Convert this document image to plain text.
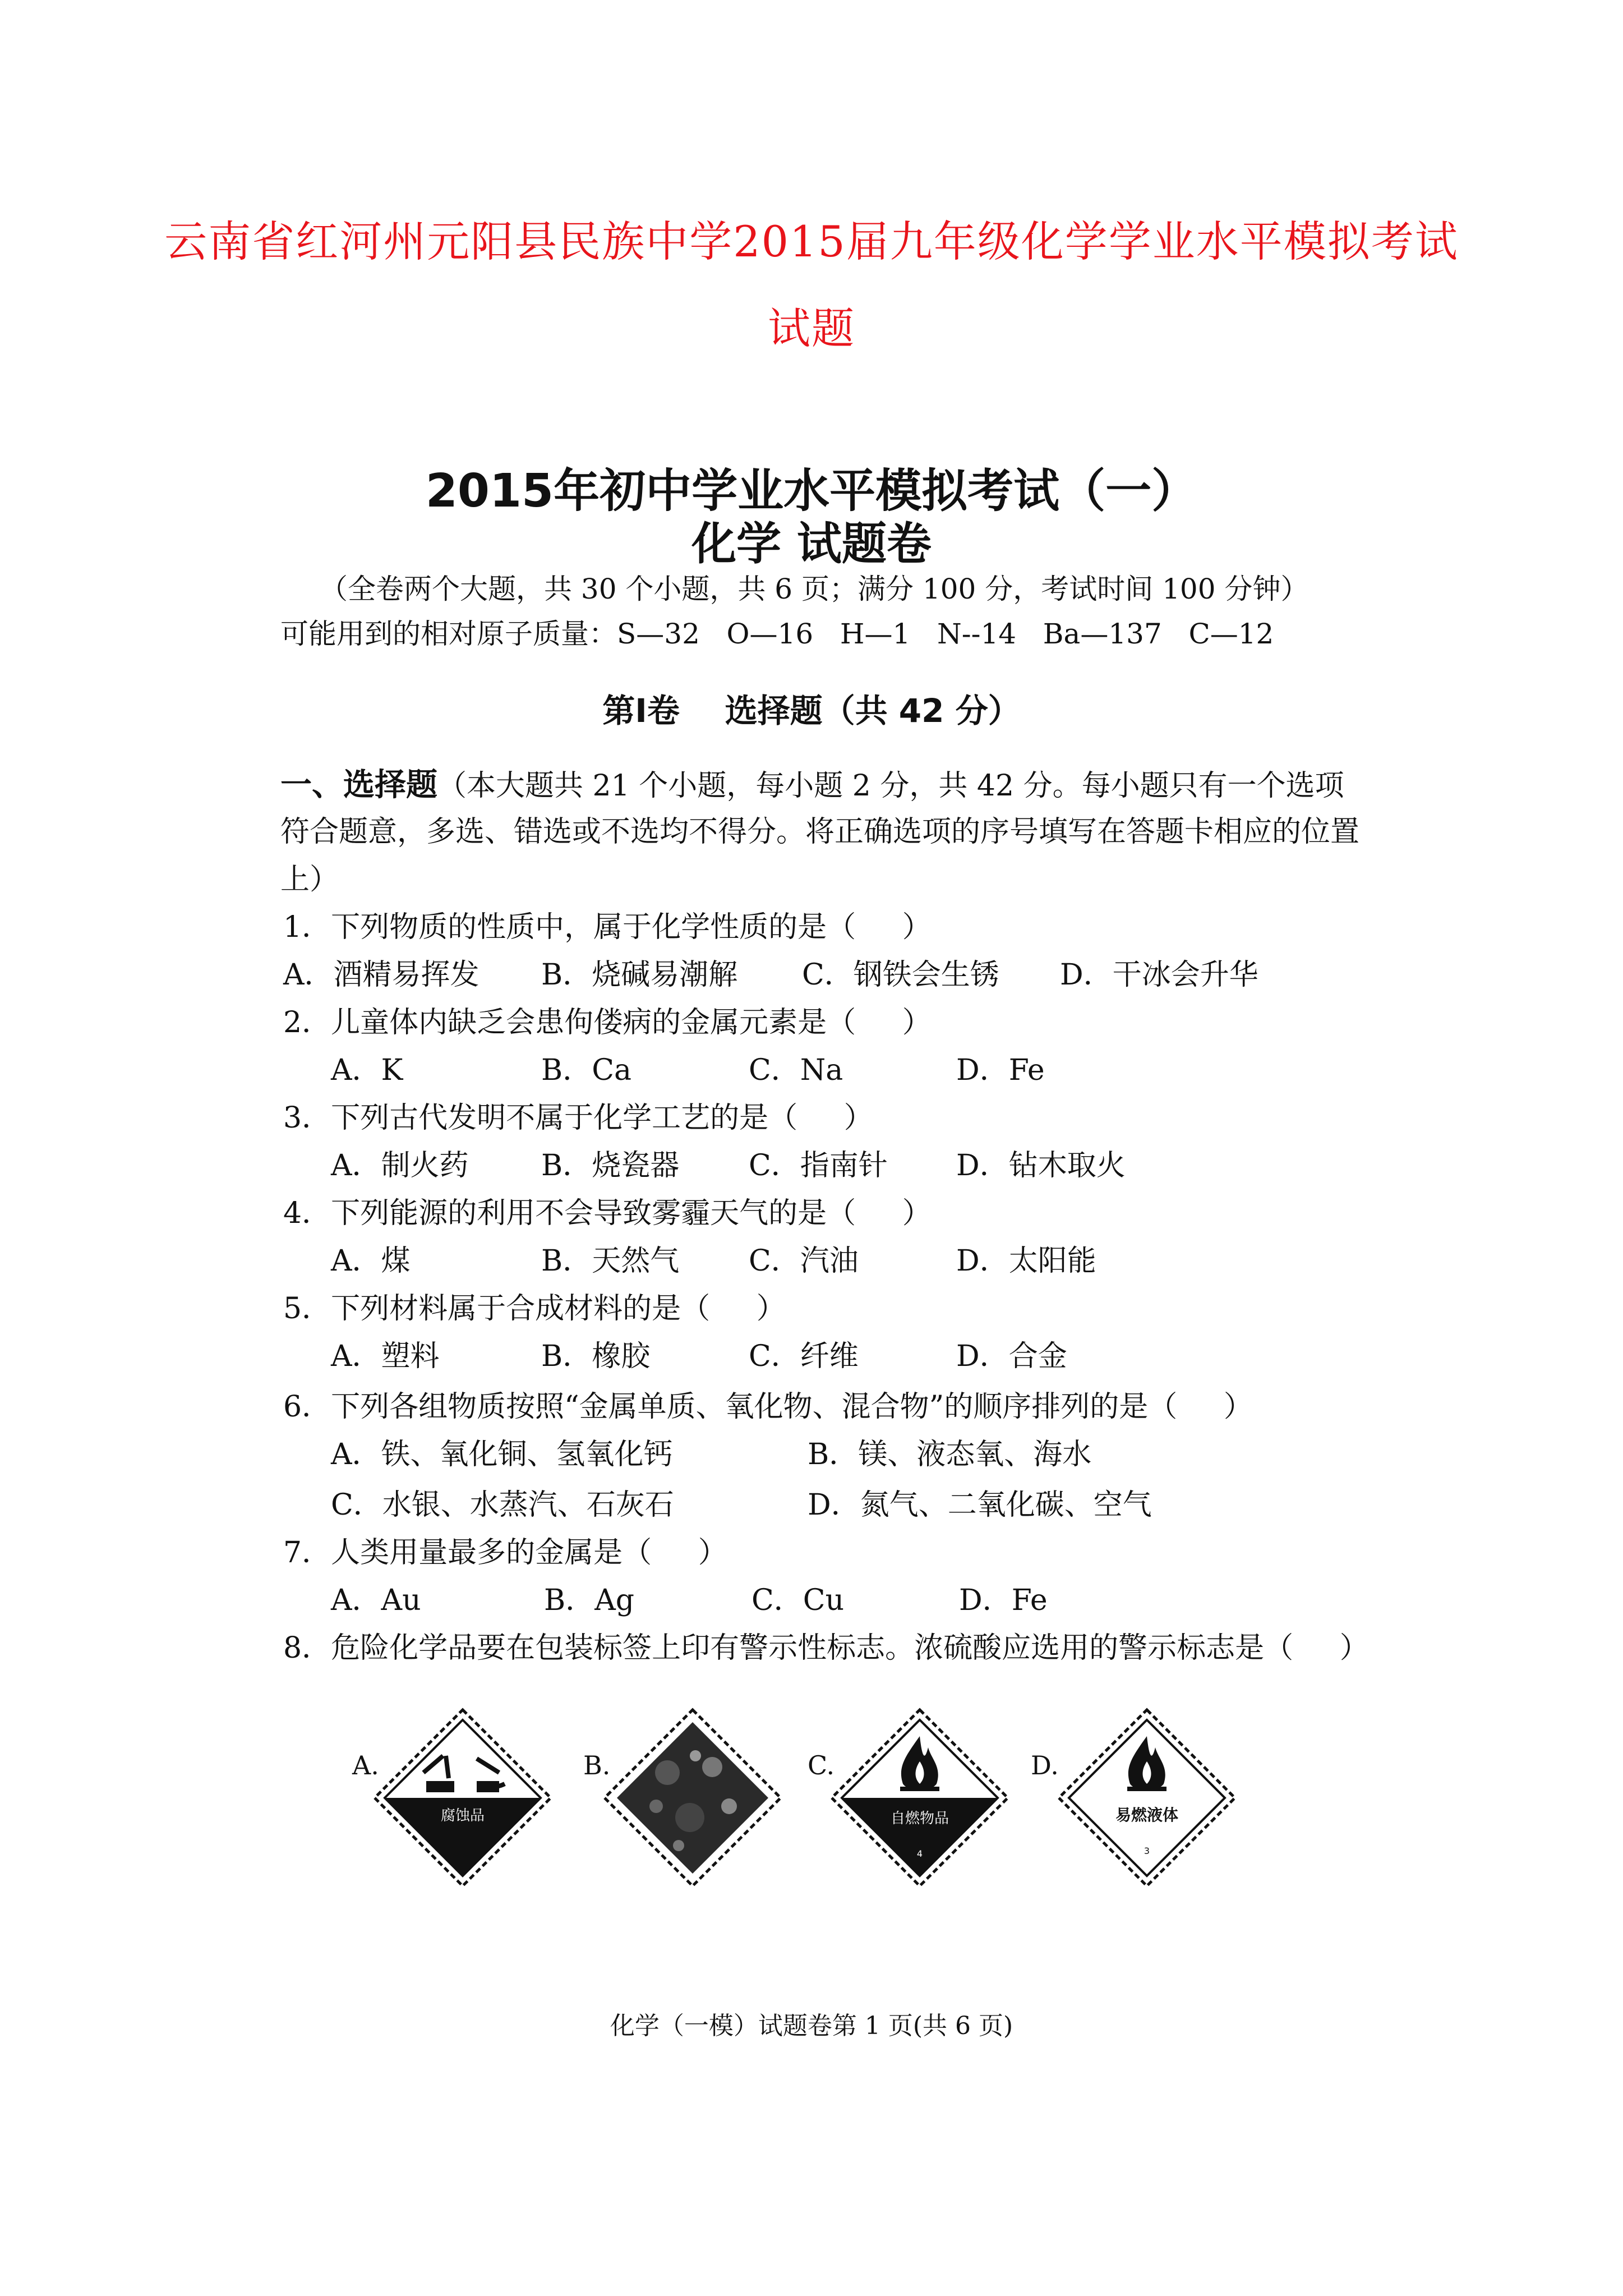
云南省红河州元阳县民族中学2015届九年级化学学业水平模拟考试
试题
2015年初中学业水平模拟考试（一）
化学 试题卷
（全卷两个大题，共 30 个小题，共 6 页；满分 100 分，考试时间 100 分钟）
可能用到的相对原子质量：S—32   O—16   H—1   N--14   Ba—137   C—12
第Ⅰ卷    选择题（共 42 分）
一、选择题（本大题共 21 个小题，每小题 2 分，共 42 分。每小题只有一个选项
符合题意，多选、错选或不选均不得分。将正确选项的序号填写在答题卡相应的位置
上）
1．下列物质的性质中，属于化学性质的是（     ）
A．酒精易挥发 B．烧碱易潮解 C．钢铁会生锈 D．干冰会升华
2．儿童体内缺乏会患佝偻病的金属元素是（     ）
A．K	B．Ca	C．Na	D．Fe
3．下列古代发明不属于化学工艺的是（     ）
A．制火药 B．烧瓷器 C．指南针 D．钻木取火
4．下列能源的利用不会导致雾霾天气的是（     ）
A．煤	B．天然气 C．汽油	D．太阳能
5．下列材料属于合成材料的是（     ）
A．塑料	B．橡胶	C．纤维	D．合金
6．下列各组物质按照“金属单质、氧化物、混合物”的顺序排列的是（     ）
A．铁、氧化铜、氢氧化钙	B．镁、液态氧、海水
C．水银、水蒸汽、石灰石	D．氮气、二氧化碳、空气
7．人类用量最多的金属是（     ）
A．Au	B．Ag	C．Cu	D．Fe
8．危险化学品要在包装标签上印有警示性标志。浓硫酸应选用的警示标志是（     ）
A.
腐蚀品
B.	C.
自燃物品
4
D.
易燃液体
3
化学（一模）试题卷第 1 页(共 6 页)
